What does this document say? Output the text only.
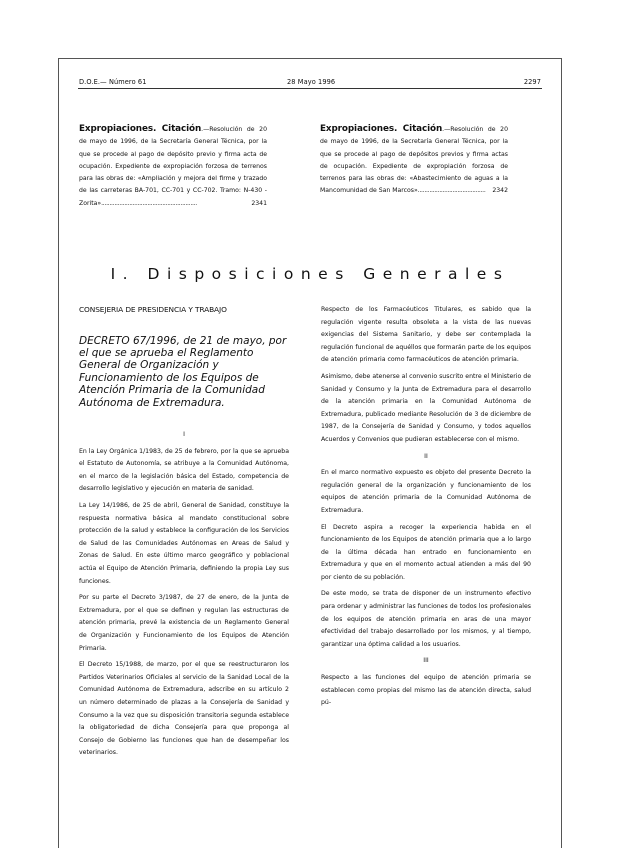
D.O.E.— Número 61	28 Mayo 1996	2297
Expropiaciones. Citación.—Resolución de 20 de mayo de 1996, de la Secretaría General Técnica, por la que se procede al pago de depósito previo y firma acta de ocupación. Expediente de expropiación forzosa de terrenos para las obras de: «Ampliación y mejora del firme y trazado de las carreteras BA-701, CC-701 y CC-702. Tramo: N-430 - Zorita»..........................................................	2341
Expropiaciones. Citación.—Resolución de 20 de mayo de 1996, de la Secretaría General Técnica, por la que se procede al pago de depósitos previos y firma actas de ocupación. Expediente de expropiación forzosa de terrenos para las obras de: «Abastecimiento de aguas a la Mancomunidad de San Marcos».........................................	2342
I. Disposiciones Generales

CONSEJERIA DE PRESIDENCIA Y TRABAJO

DECRETO 67/1996, de 21 de mayo, por el que se aprueba el Reglamento General de Organización y Funcionamiento de los Equipos de Atención Primaria de la Comunidad Autónoma de Extremadura.

I

En la Ley Orgánica 1/1983, de 25 de febrero, por la que se aprueba el Estatuto de Autonomía, se atribuye a la Comunidad Autónoma, en el marco de la legislación básica del Estado, competencia de desarrollo legislativo y ejecución en materia de sanidad.

La Ley 14/1986, de 25 de abril, General de Sanidad, constituye la respuesta normativa básica al mandato constitucional sobre protección de la salud y establece la configuración de los Servicios de Salud de las Comunidades Autónomas en Areas de Salud y Zonas de Salud. En este último marco geográfico y poblacional actúa el Equipo de Atención Primaria, definiendo la propia Ley sus funciones.

Por su parte el Decreto 3/1987, de 27 de enero, de la Junta de Extremadura, por el que se definen y regulan las estructuras de atención primaria, prevé la existencia de un Reglamento General de Organización y Funcionamiento de los Equipos de Atención Primaria.

El Decreto 15/1988, de marzo, por el que se reestructuraron los Partidos Veterinarios Oficiales al servicio de la Sanidad Local de la Comunidad Autónoma de Extremadura, adscribe en su artículo 2 un número determinado de plazas a la Consejería de Sanidad y Consumo a la vez que su disposición transitoria segunda establece la obligatoriedad de dicha Consejería para que proponga al Consejo de Gobierno las funciones que han de desempeñar los veterinarios.

Respecto de los Farmacéuticos Titulares, es sabido que la regulación vigente resulta obsoleta a la vista de las nuevas exigencias del Sistema Sanitario, y debe ser contemplada la regulación funcional de aquéllos que formarán parte de los equipos de atención primaria como farmacéuticos de atención primaria.

Asimismo, debe atenerse al convenio suscrito entre el Ministerio de Sanidad y Consumo y la Junta de Extremadura para el desarrollo de la atención primaria en la Comunidad Autónoma de Extremadura, publicado mediante Resolución de 3 de diciembre de 1987, de la Consejería de Sanidad y Consumo, y todos aquellos Acuerdos y Convenios que pudieran establecerse con el mismo.

II

En el marco normativo expuesto es objeto del presente Decreto la regulación general de la organización y funcionamiento de los equipos de atención primaria de la Comunidad Autónoma de Extremadura.

El Decreto aspira a recoger la experiencia habida en el funcionamiento de los Equipos de atención primaria que a lo largo de la última década han entrado en funcionamiento en Extremadura y que en el momento actual atienden a más del 90 por ciento de su población.

De este modo, se trata de disponer de un instrumento efectivo para ordenar y administrar las funciones de todos los profesionales de los equipos de atención primaria en aras de una mayor efectividad del trabajo desarrollado por los mismos, y al tiempo, garantizar una óptima calidad a los usuarios.

III

Respecto a las funciones del equipo de atención primaria se establecen como propias del mismo las de atención directa, salud pú-
